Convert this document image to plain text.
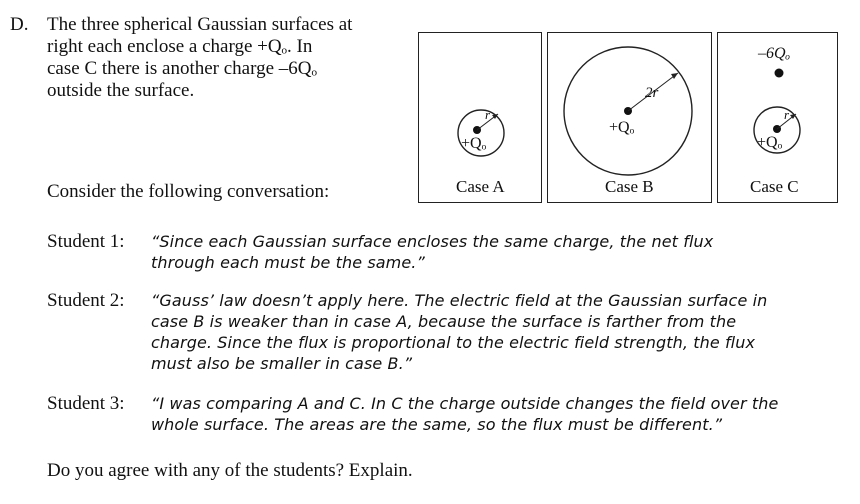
D. The three spherical Gaussian surfaces at
right each enclose a charge +Qₒ. In
case C there is another charge –6Qₒ
outside the surface.
Consider the following conversation:
r
+Qₒ
Case A
2r
+Qₒ
Case B
–6Qₒ
r
+Qₒ
Case C
Student 1: “Since each Gaussian surface encloses the same charge, the net flux
through each must be the same.”
Student 2: “Gauss’ law doesn’t apply here. The electric field at the Gaussian surface in
case B is weaker than in case A, because the surface is farther from the
charge. Since the flux is proportional to the electric field strength, the flux
must also be smaller in case B.”
Student 3: “I was comparing A and C. In C the charge outside changes the field over the
whole surface. The areas are the same, so the flux must be different.”
Do you agree with any of the students? Explain.
